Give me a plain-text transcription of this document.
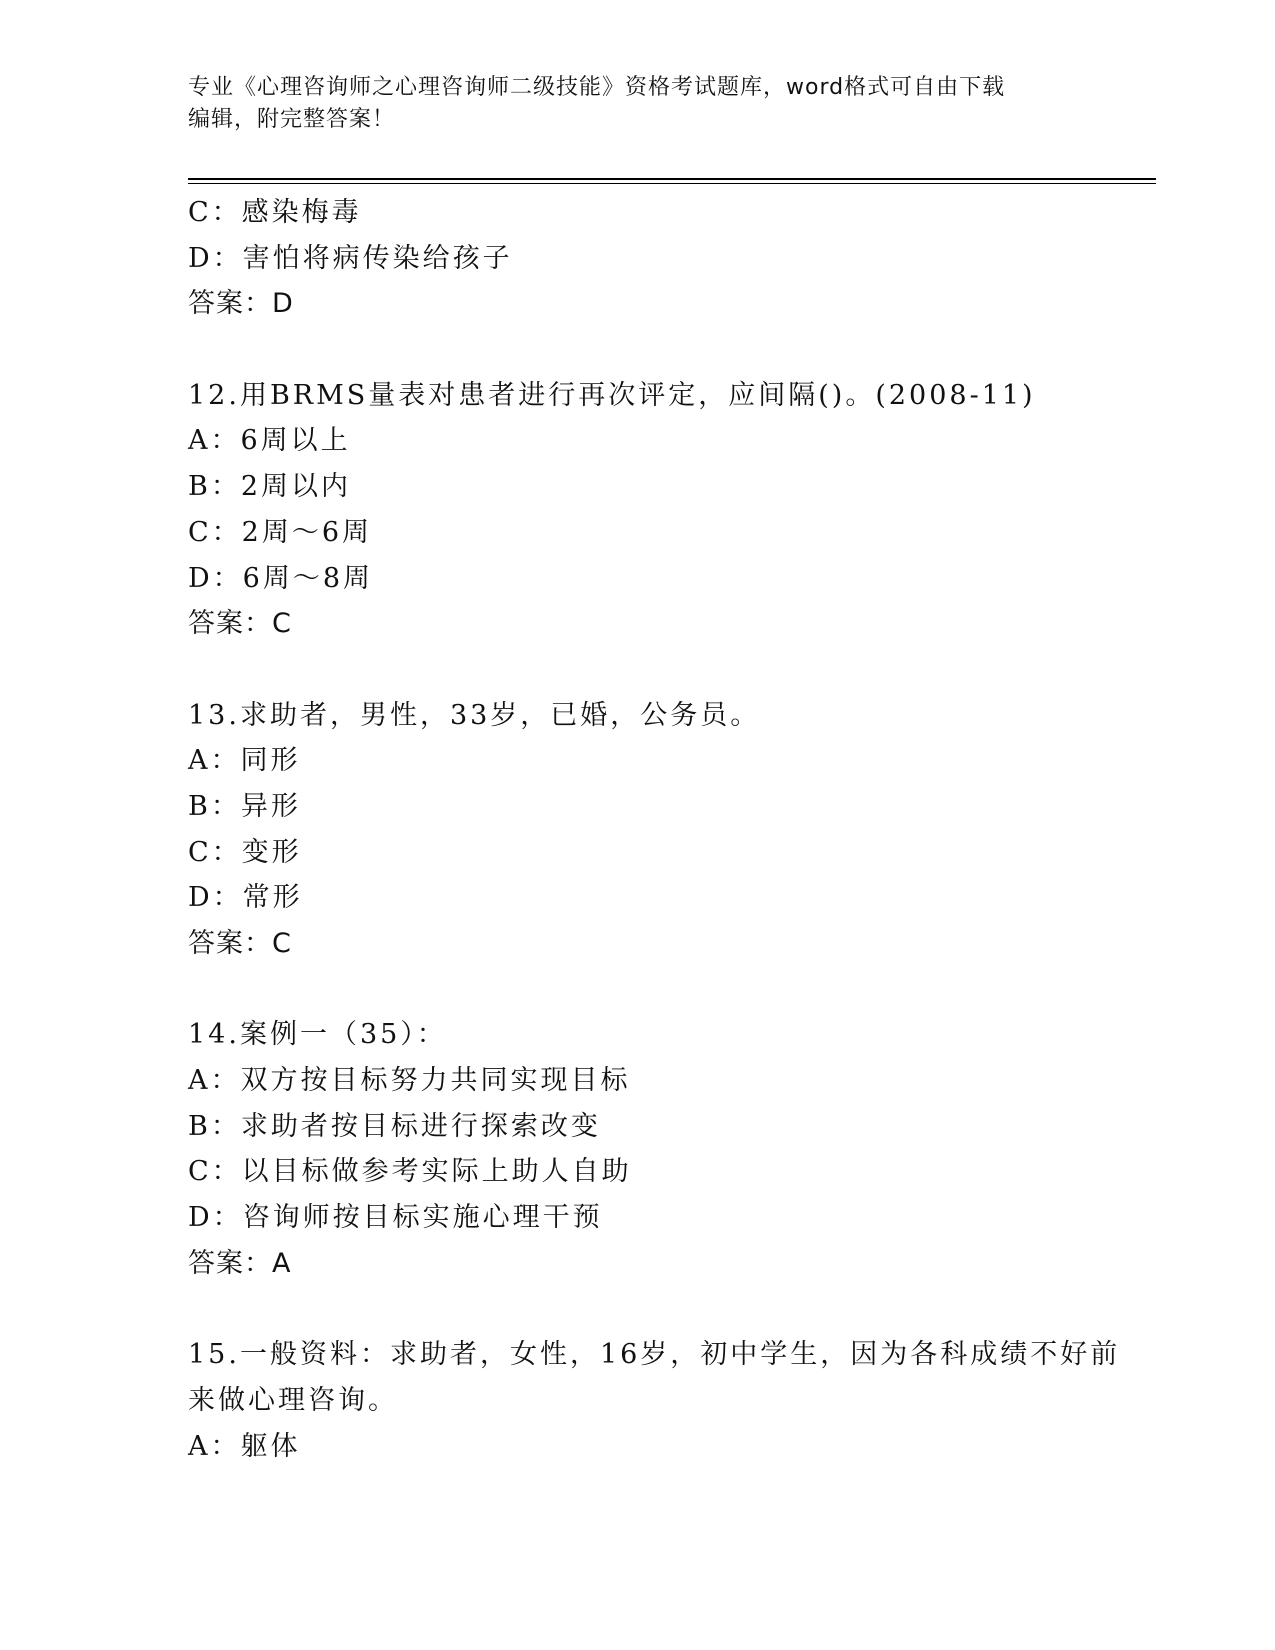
专业《心理咨询师之心理咨询师二级技能》资格考试题库，word格式可自由下载
编辑，附完整答案！
C：感染梅毒
D：害怕将病传染给孩子
答案：D
12.用BRMS量表对患者进行再次评定，应间隔()。(2008-11)
A：6周以上
B：2周以内
C：2周～6周
D：6周～8周
答案：C
13.求助者，男性，33岁，已婚，公务员。
A：同形
B：异形
C：变形
D：常形
答案：C
14.案例一（35）：
A：双方按目标努力共同实现目标
B：求助者按目标进行探索改变
C：以目标做参考实际上助人自助
D：咨询师按目标实施心理干预
答案：A
15.一般资料：求助者，女性，16岁，初中学生，因为各科成绩不好前
来做心理咨询。
A：躯体
